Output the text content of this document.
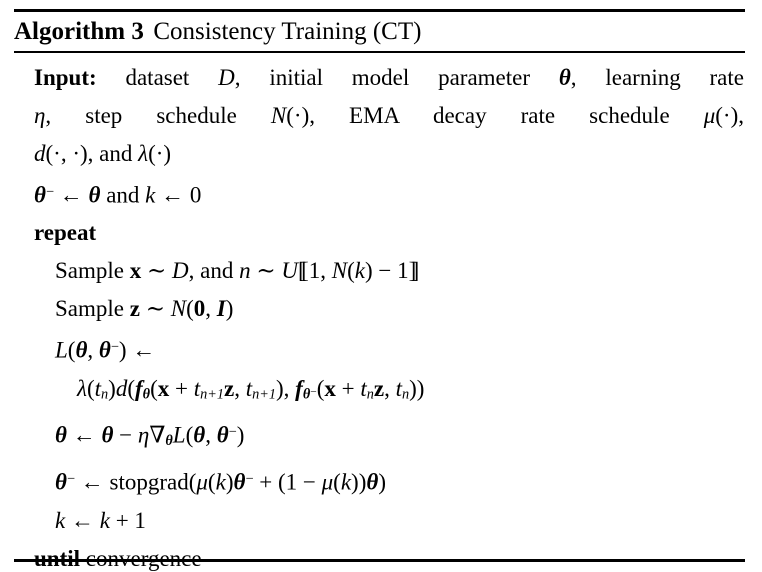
Algorithm 3 Consistency Training (CT)
Input: dataset D, initial model parameter θ, learning rate
η, step schedule N(·), EMA decay rate schedule μ(·),
d(·, ·), and λ(·)
θ− ← θ and k ← 0
repeat
Sample x ∼ D, and n ∼ U[[ 1, N(k) − 1]]
Sample z ∼ N(0, I)
L(θ, θ−) ←
λ(tn)d(fθ(x + tn+1z, tn+1), fθ−(x + tnz, tn))
θ ← θ − η∇θL(θ, θ−)
θ− ← stopgrad(μ(k)θ− + (1 − μ(k))θ)
k ← k + 1
